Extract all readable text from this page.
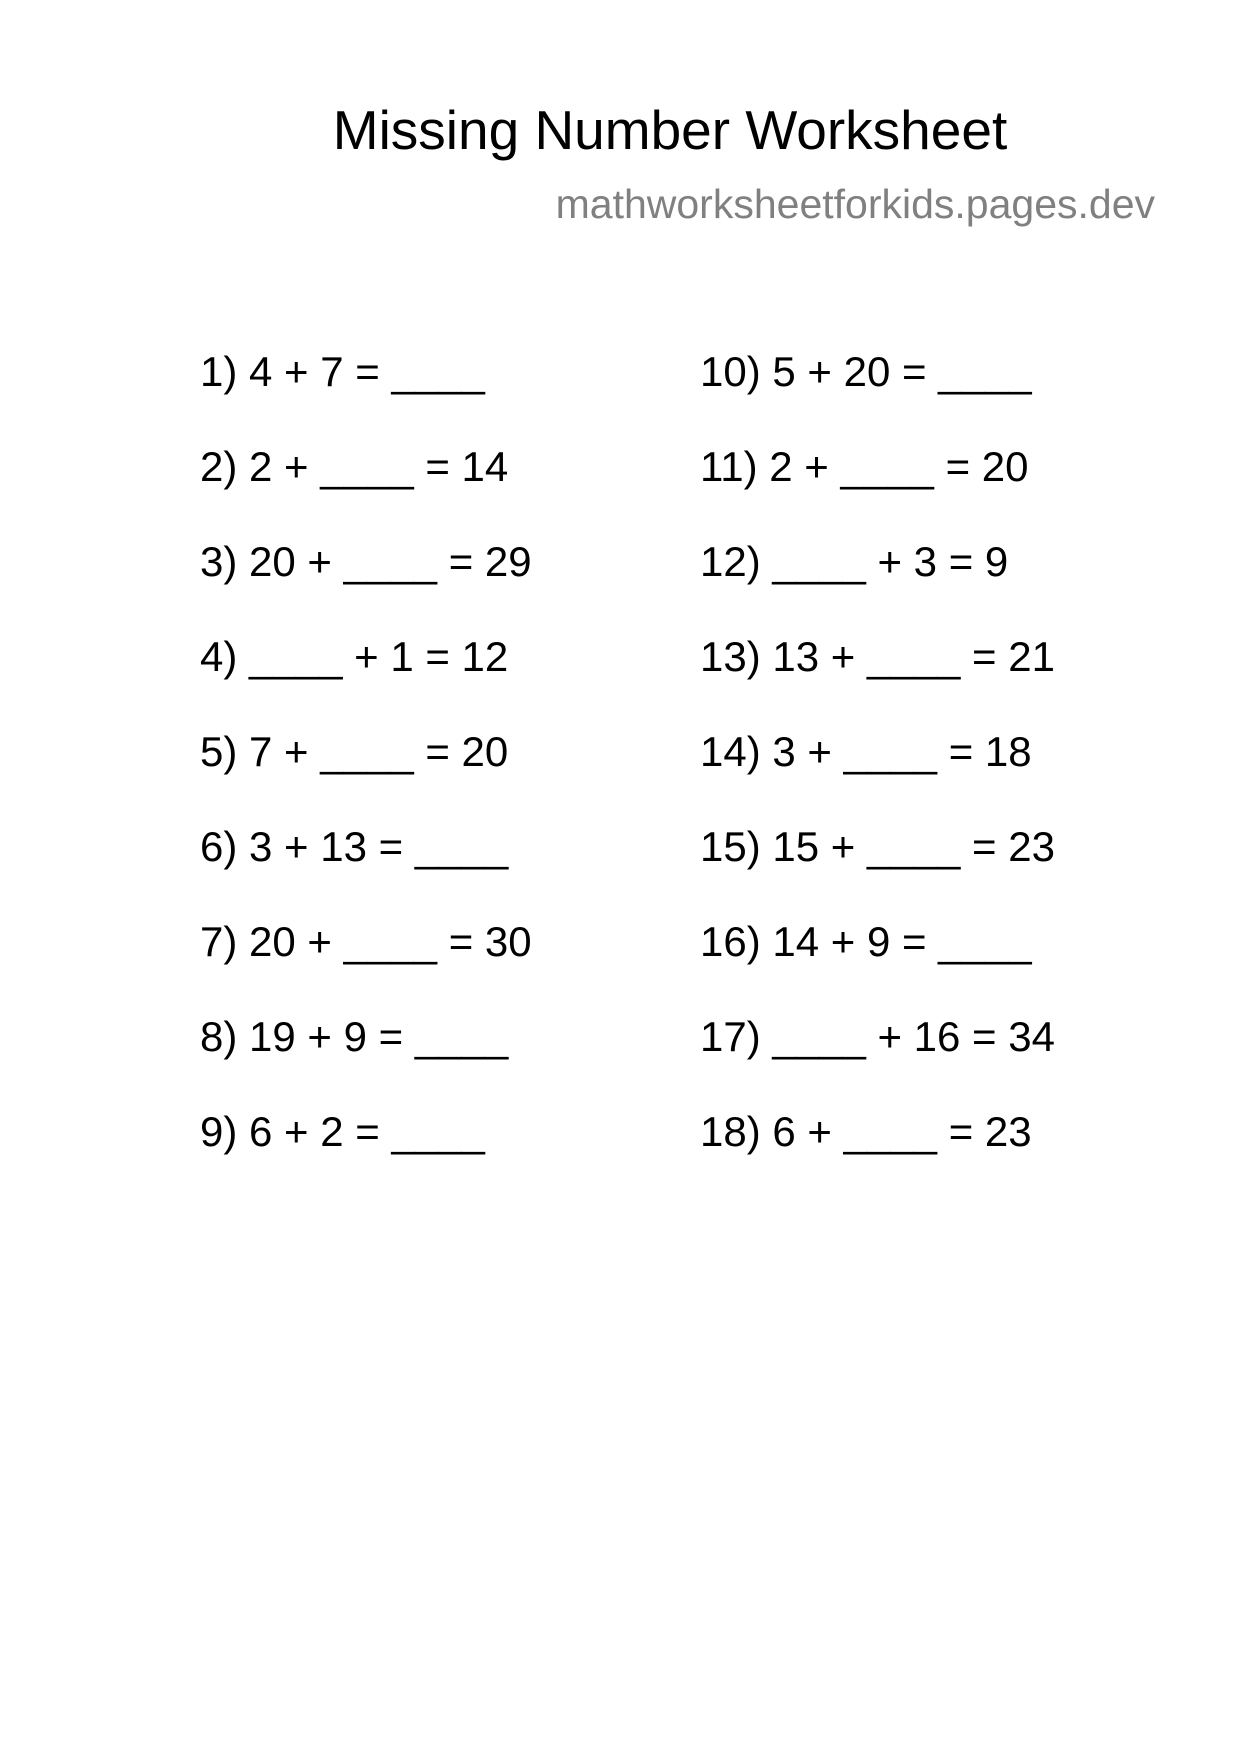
Missing Number Worksheet
mathworksheetforkids.pages.dev
1) 4 + 7 = ____
2) 2 + ____ = 14
3) 20 + ____ = 29
4) ____ + 1 = 12
5) 7 + ____ = 20
6) 3 + 13 = ____
7) 20 + ____ = 30
8) 19 + 9 = ____
9) 6 + 2 = ____
10) 5 + 20 = ____
11) 2 + ____ = 20
12) ____ + 3 = 9
13) 13 + ____ = 21
14) 3 + ____ = 18
15) 15 + ____ = 23
16) 14 + 9 = ____
17) ____ + 16 = 34
18) 6 + ____ = 23
